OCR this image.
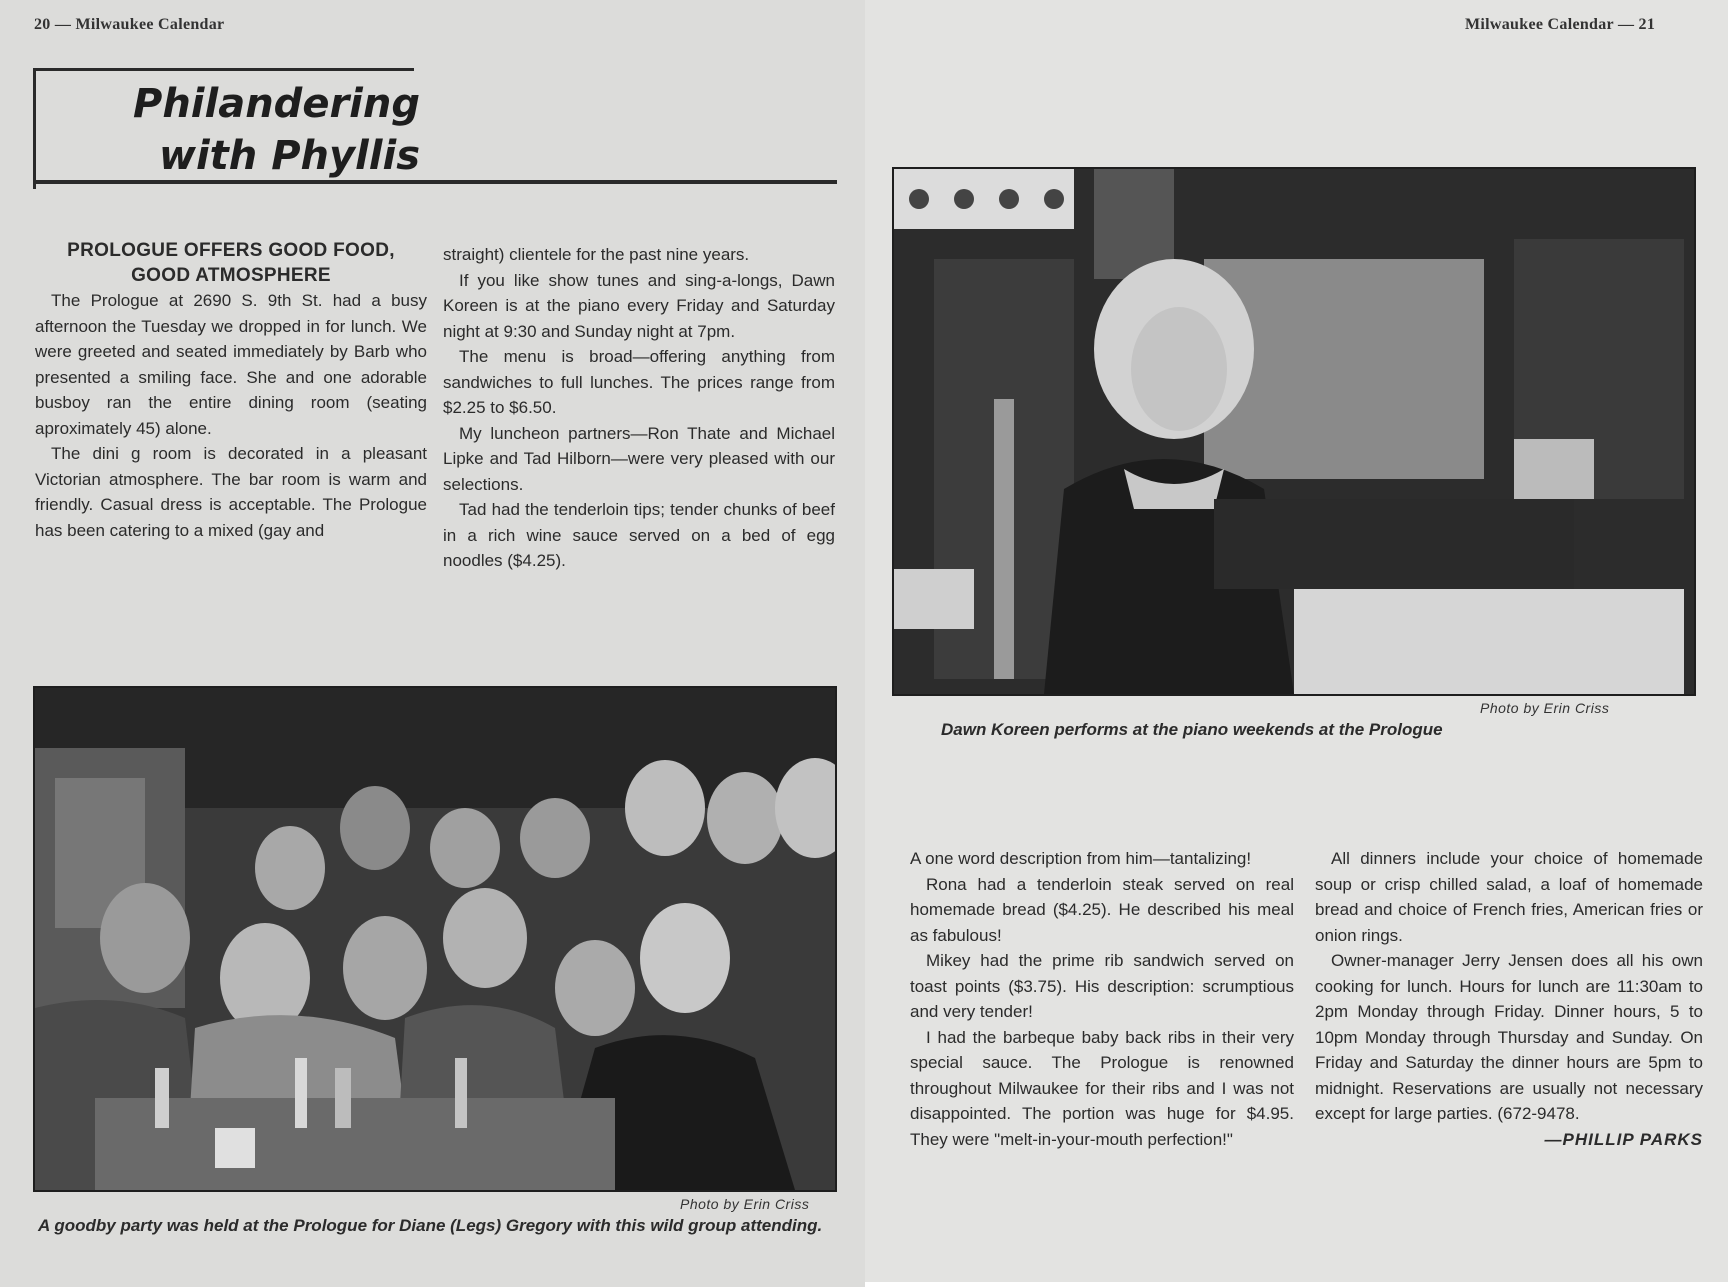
20 — Milwaukee Calendar
Philandering
with Phyllis

PROLOGUE OFFERS GOOD FOOD, GOOD ATMOSPHERE

The Prologue at 2690 S. 9th St. had a busy afternoon the Tuesday we dropped in for lunch. We were greeted and seated immediately by Barb who presented a smiling face. She and one adorable busboy ran the entire dining room (seating aproximately 45) alone.

The dini g room is decorated in a pleasant Victorian atmosphere. The bar room is warm and friendly. Casual dress is acceptable. The Prologue has been catering to a mixed (gay and

straight) clientele for the past nine years.

If you like show tunes and sing-a-longs, Dawn Koreen is at the piano every Friday and Saturday night at 9:30 and Sunday night at 7pm.

The menu is broad—offering anything from sandwiches to full lunches. The prices range from $2.25 to $6.50.

My luncheon partners—Ron Thate and Michael Lipke and Tad Hilborn—were very pleased with our selections.

Tad had the tenderloin tips; tender chunks of beef in a rich wine sauce served on a bed of egg noodles ($4.25).

Photo by Erin Criss
A goodby party was held at the Prologue for Diane (Legs) Gregory with this wild group attending.
Milwaukee Calendar — 21
Photo by Erin Criss
Dawn Koreen performs at the piano weekends at the Prologue

A one word description from him—tantalizing!

Rona had a tenderloin steak served on real homemade bread ($4.25). He described his meal as fabulous!

Mikey had the prime rib sandwich served on toast points ($3.75). His description: scrumptious and very tender!

I had the barbeque baby back ribs in their very special sauce. The Prologue is renowned throughout Milwaukee for their ribs and I was not disappointed. The portion was huge for $4.95. They were "melt-in-your-mouth perfection!"

All dinners include your choice of homemade soup or crisp chilled salad, a loaf of homemade bread and choice of French fries, American fries or onion rings.

Owner-manager Jerry Jensen does all his own cooking for lunch. Hours for lunch are 11:30am to 2pm Monday through Friday. Dinner hours, 5 to 10pm Monday through Thursday and Sunday. On Friday and Saturday the dinner hours are 5pm to midnight. Reservations are usually not necessary except for large parties. (672-9478.

—PHILLIP PARKS
